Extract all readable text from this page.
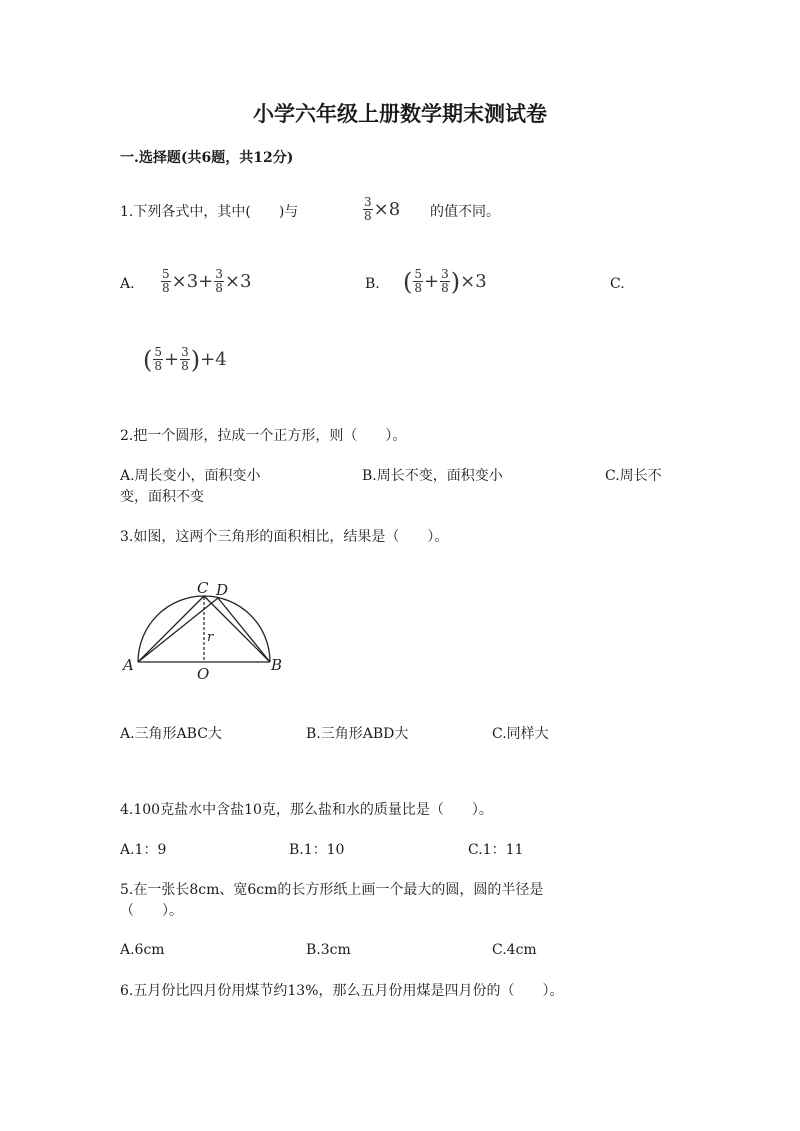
小学六年级上册数学期末测试卷
一.选择题(共6题，共12分)
1.下列各式中，其中(　　)与	$\frac{3}{8} \times 8$ 的值不同。
A. $\frac{5}{8} \times 3+ \frac{3}{8} \times 3$	B. ( $\frac{5}{8} + \frac{3}{8}$ ) ×3	C.
( $\frac{5}{8} + \frac{3}{8}$ ) +4
2.把一个圆形，拉成一个正方形，则（　　）。
A.周长变小，面积变小	B.周长不变，面积变小	C.周长不
变，面积不变
3.如图，这两个三角形的面积相比，结果是（　　）。
C D
A	B
O
r
A.三角形ABC大	B.三角形ABD大	C.同样大
4.100克盐水中含盐10克，那么盐和水的质量比是（　　）。
A.1：9	B.1：10	C.1：11
5.在一张长8cm、宽6cm的长方形纸上画一个最大的圆，圆的半径是
（　　）。
A.6cm	B.3cm	C.4cm
6.五月份比四月份用煤节约13%，那么五月份用煤是四月份的（　　）。
